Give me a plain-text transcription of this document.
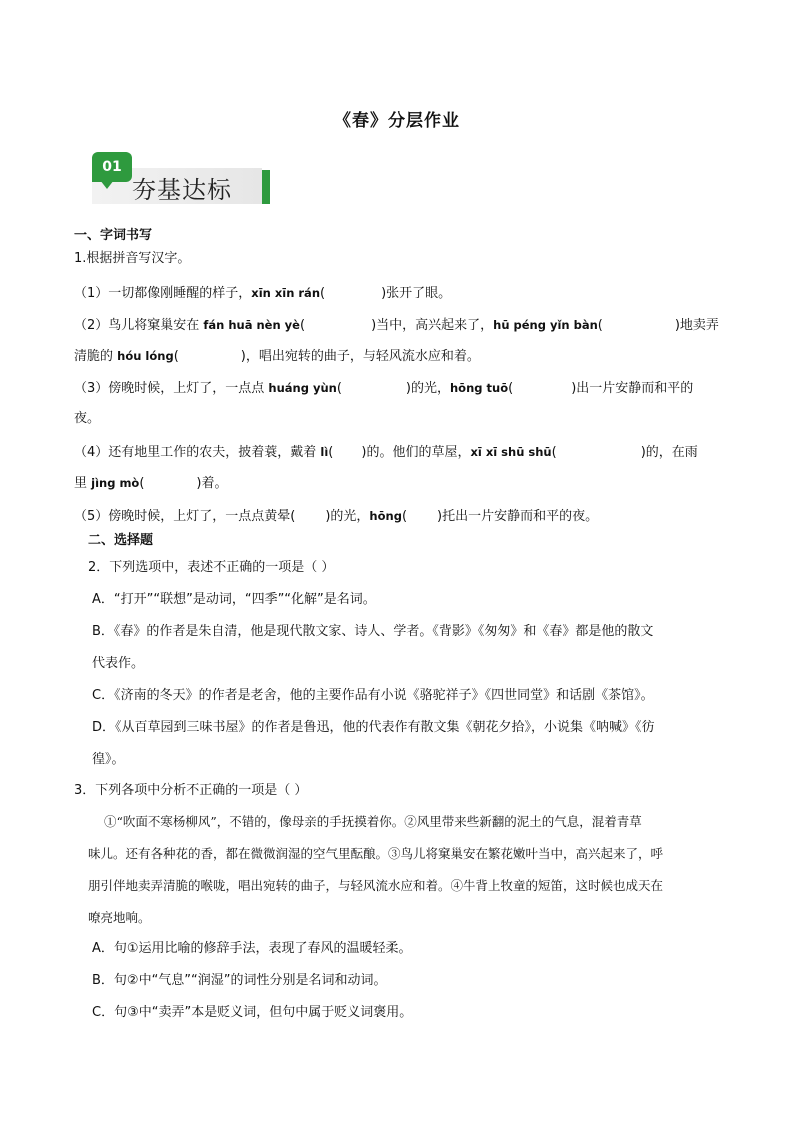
《春》分层作业
01
夯基达标
一、字词书写
1.根据拼音写汉字。
（1）一切都像刚睡醒的样子，xīn xīn rán(	)张开了眼。
（2）鸟儿将窠巢安在 fán huā nèn yè(	)当中，高兴起来了，hū péng yǐn bàn(	)地卖弄
清脆的 hóu lóng(	)，唱出宛转的曲子，与轻风流水应和着。
（3）傍晚时候，上灯了，一点点 huáng yùn(	)的光，hōng tuō(	)出一片安静而和平的
夜。
（4）还有地里工作的农夫，披着蓑，戴着 lì( )的。他们的草屋，xī xī shū shū(	)的，在雨
里 jìng mò(	)着。
（5）傍晚时候，上灯了，一点点黄晕( )的光，hōng( )托出一片安静而和平的夜。
二、选择题
2．下列选项中，表述不正确的一项是（ ）
A．“打开”“联想”是动词，“四季”“化解”是名词。
B．《春》的作者是朱自清，他是现代散文家、诗人、学者。《背影》《匆匆》和《春》都是他的散文
代表作。
C．《济南的冬天》的作者是老舍，他的主要作品有小说《骆驼祥子》《四世同堂》和话剧《茶馆》。
D．《从百草园到三味书屋》的作者是鲁迅，他的代表作有散文集《朝花夕拾》，小说集《呐喊》《彷
徨》。
3．下列各项中分析不正确的一项是（ ）
①“吹面不寒杨柳风”，不错的，像母亲的手抚摸着你。②风里带来些新翻的泥土的气息，混着青草
味儿。还有各种花的香，都在微微润湿的空气里酝酿。③鸟儿将窠巢安在繁花嫩叶当中，高兴起来了，呼
朋引伴地卖弄清脆的喉咙，唱出宛转的曲子，与轻风流水应和着。④牛背上牧童的短笛，这时候也成天在
嘹亮地响。
A．句①运用比喻的修辞手法，表现了春风的温暖轻柔。
B．句②中“气息”“润湿”的词性分别是名词和动词。
C．句③中“卖弄”本是贬义词，但句中属于贬义词褒用。
